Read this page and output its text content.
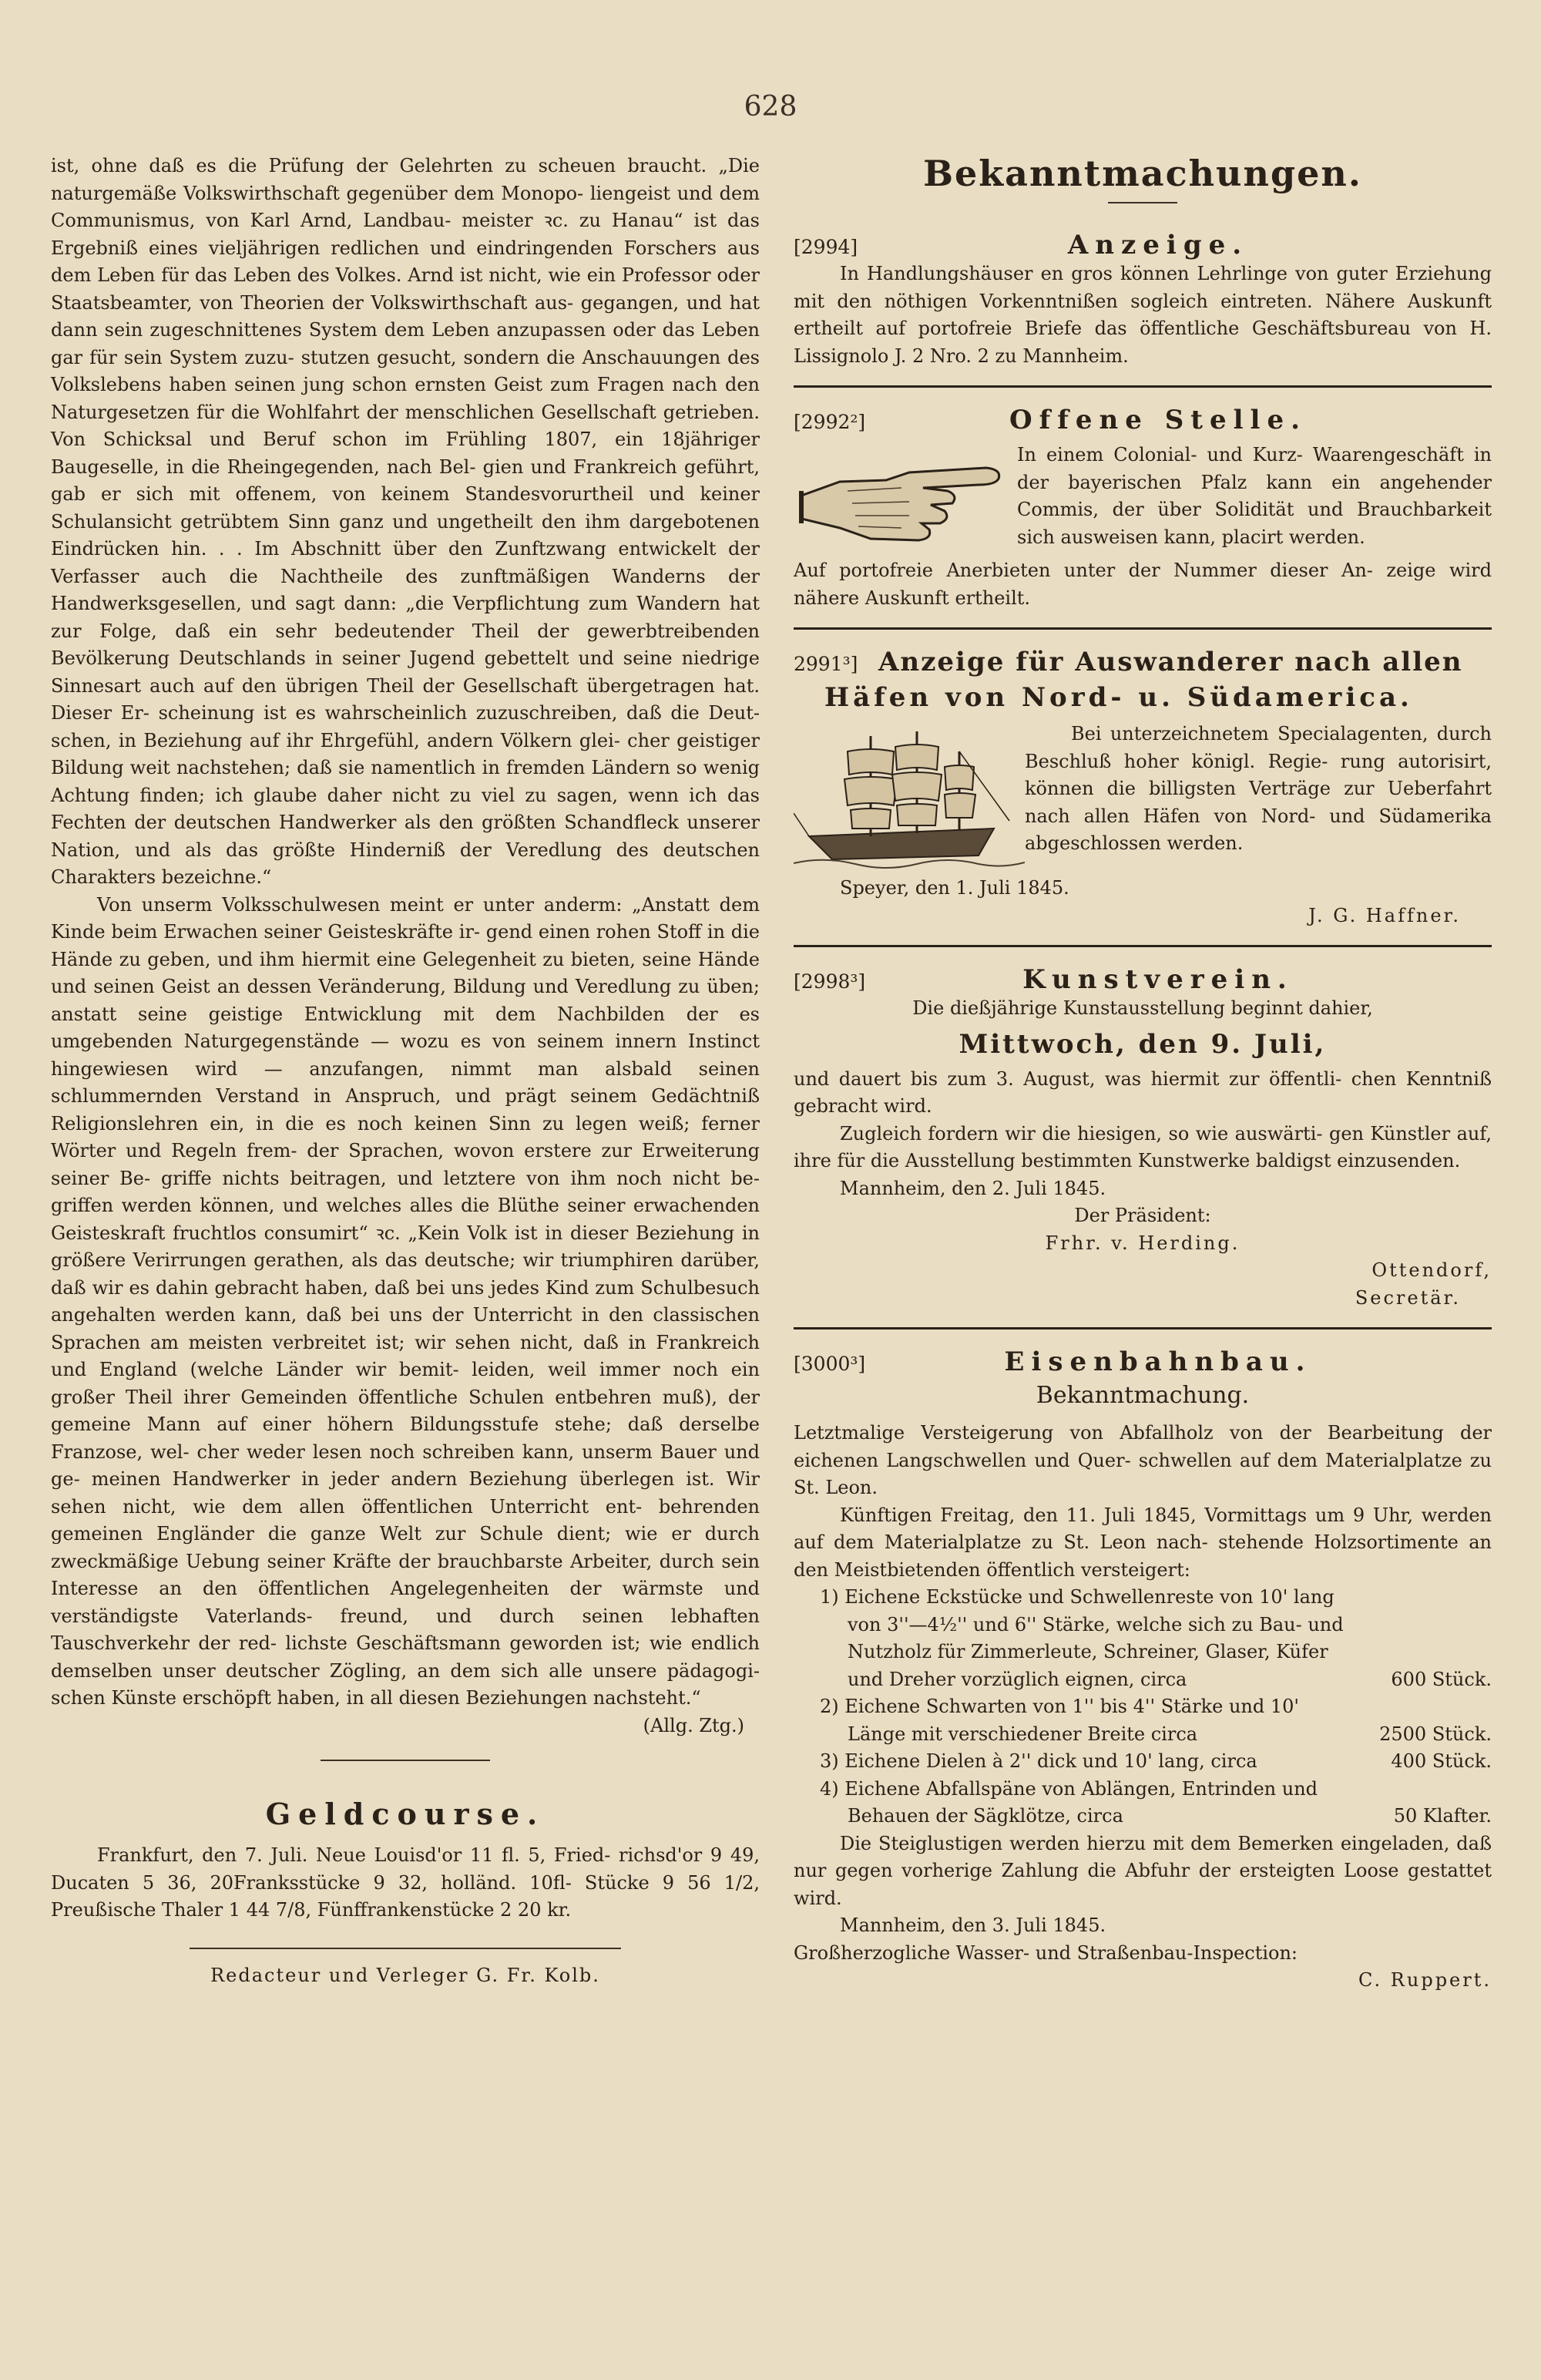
628

ist, ohne daß es die Prüfung der Gelehrten zu scheuen braucht. „Die naturgemäße Volkswirthschaft gegenüber dem Monopo- liengeist und dem Communismus, von Karl Arnd, Landbau- meister ꝛc. zu Hanau“ ist das Ergebniß eines vieljährigen redlichen und eindringenden Forschers aus dem Leben für das Leben des Volkes. Arnd ist nicht, wie ein Professor oder Staatsbeamter, von Theorien der Volkswirthschaft aus- gegangen, und hat dann sein zugeschnittenes System dem Leben anzupassen oder das Leben gar für sein System zuzu- stutzen gesucht, sondern die Anschauungen des Volkslebens haben seinen jung schon ernsten Geist zum Fragen nach den Naturgesetzen für die Wohlfahrt der menschlichen Gesellschaft getrieben. Von Schicksal und Beruf schon im Frühling 1807, ein 18jähriger Baugeselle, in die Rheingegenden, nach Bel- gien und Frankreich geführt, gab er sich mit offenem, von keinem Standesvorurtheil und keiner Schulansicht getrübtem Sinn ganz und ungetheilt den ihm dargebotenen Eindrücken hin. . . Im Abschnitt über den Zunftzwang entwickelt der Verfasser auch die Nachtheile des zunftmäßigen Wanderns der Handwerksgesellen, und sagt dann: „die Verpflichtung zum Wandern hat zur Folge, daß ein sehr bedeutender Theil der gewerbtreibenden Bevölkerung Deutschlands in seiner Jugend gebettelt und seine niedrige Sinnesart auch auf den übrigen Theil der Gesellschaft übergetragen hat. Dieser Er- scheinung ist es wahrscheinlich zuzuschreiben, daß die Deut- schen, in Beziehung auf ihr Ehrgefühl, andern Völkern glei- cher geistiger Bildung weit nachstehen; daß sie namentlich in fremden Ländern so wenig Achtung finden; ich glaube daher nicht zu viel zu sagen, wenn ich das Fechten der deutschen Handwerker als den größten Schandfleck unserer Nation, und als das größte Hinderniß der Veredlung des deutschen Charakters bezeichne.“

Von unserm Volksschulwesen meint er unter anderm: „Anstatt dem Kinde beim Erwachen seiner Geisteskräfte ir- gend einen rohen Stoff in die Hände zu geben, und ihm hiermit eine Gelegenheit zu bieten, seine Hände und seinen Geist an dessen Veränderung, Bildung und Veredlung zu üben; anstatt seine geistige Entwicklung mit dem Nachbilden der es umgebenden Naturgegenstände — wozu es von seinem innern Instinct hingewiesen wird — anzufangen, nimmt man alsbald seinen schlummernden Verstand in Anspruch, und prägt seinem Gedächtniß Religionslehren ein, in die es noch keinen Sinn zu legen weiß; ferner Wörter und Regeln frem- der Sprachen, wovon erstere zur Erweiterung seiner Be- griffe nichts beitragen, und letztere von ihm noch nicht be- griffen werden können, und welches alles die Blüthe seiner erwachenden Geisteskraft fruchtlos consumirt“ ꝛc. „Kein Volk ist in dieser Beziehung in größere Verirrungen gerathen, als das deutsche; wir triumphiren darüber, daß wir es dahin gebracht haben, daß bei uns jedes Kind zum Schulbesuch angehalten werden kann, daß bei uns der Unterricht in den classischen Sprachen am meisten verbreitet ist; wir sehen nicht, daß in Frankreich und England (welche Länder wir bemit- leiden, weil immer noch ein großer Theil ihrer Gemeinden öffentliche Schulen entbehren muß), der gemeine Mann auf einer höhern Bildungsstufe stehe; daß derselbe Franzose, wel- cher weder lesen noch schreiben kann, unserm Bauer und ge- meinen Handwerker in jeder andern Beziehung überlegen ist. Wir sehen nicht, wie dem allen öffentlichen Unterricht ent- behrenden gemeinen Engländer die ganze Welt zur Schule dient; wie er durch zweckmäßige Uebung seiner Kräfte der brauchbarste Arbeiter, durch sein Interesse an den öffentlichen Angelegenheiten der wärmste und verständigste Vaterlands- freund, und durch seinen lebhaften Tauschverkehr der red- lichste Geschäftsmann geworden ist; wie endlich demselben unser deutscher Zögling, an dem sich alle unsere pädagogi- schen Künste erschöpft haben, in all diesen Beziehungen nachsteht.“

(Allg. Ztg.)

Geldcourse.

Frankfurt, den 7. Juli. Neue Louisd'or 11 fl. 5, Fried- richsd'or 9 49, Ducaten 5 36, 20Franksstücke 9 32, holländ. 10fl- Stücke 9 56 1/2, Preußische Thaler 1 44 7/8, Fünffrankenstücke 2 20 kr.

Redacteur und Verleger G. Fr. Kolb.
Bekanntmachungen.
[2994]	Anzeige.

In Handlungshäuser en gros können Lehrlinge von guter Erziehung mit den nöthigen Vorkenntnißen sogleich eintreten. Nähere Auskunft ertheilt auf portofreie Briefe das öffentliche Geschäftsbureau von H. Lissignolo J. 2 Nro. 2 zu Mannheim.

[2992²]	Offene Stelle.

In einem Colonial- und Kurz- Waarengeschäft in der bayerischen Pfalz kann ein angehender Commis, der über Solidität und Brauchbarkeit sich ausweisen kann, placirt werden.

Auf portofreie Anerbieten unter der Nummer dieser An- zeige wird nähere Auskunft ertheilt.

2991³] Anzeige für Auswanderer nach allen
Häfen von Nord- u. Südamerica.

Bei unterzeichnetem Specialagenten, durch Beschluß hoher königl. Regie- rung autorisirt, können die billigsten Verträge zur Ueberfahrt nach allen Häfen von Nord- und Südamerika abgeschlossen werden.

Speyer, den 1. Juli 1845.

J. G. Haffner.

[2998³]	Kunstverein.

Die dießjährige Kunstausstellung beginnt dahier,

Mittwoch, den 9. Juli,

und dauert bis zum 3. August, was hiermit zur öffentli- chen Kenntniß gebracht wird.

Zugleich fordern wir die hiesigen, so wie auswärti- gen Künstler auf, ihre für die Ausstellung bestimmten Kunstwerke baldigst einzusenden.

Mannheim, den 2. Juli 1845.

Der Präsident:

Frhr. v. Herding.

Ottendorf,

Secretär.

[3000³]	Eisenbahnbau.
Bekanntmachung.

Letztmalige Versteigerung von Abfallholz von der Bearbeitung der eichenen Langschwellen und Quer- schwellen auf dem Materialplatze zu St. Leon.

Künftigen Freitag, den 11. Juli 1845, Vormittags um 9 Uhr, werden auf dem Materialplatze zu St. Leon nach- stehende Holzsortimente an den Meistbietenden öffentlich versteigert:

1) Eichene Eckstücke und Schwellenreste von 10' lang von 3''—4½'' und 6'' Stärke, welche sich zu Bau- und Nutzholz für Zimmerleute, Schreiner, Glaser, Küfer und Dreher vorzüglich eignen, circa	600 Stück.
2) Eichene Schwarten von 1'' bis 4'' Stärke und 10' Länge mit verschiedener Breite circa	2500 Stück.
3) Eichene Dielen à 2'' dick und 10' lang, circa	400 Stück.
4) Eichene Abfallspäne von Ablängen, Entrinden und Behauen der Sägklötze, circa	50 Klafter.

Die Steiglustigen werden hierzu mit dem Bemerken eingeladen, daß nur gegen vorherige Zahlung die Abfuhr der ersteigten Loose gestattet wird.

Mannheim, den 3. Juli 1845.

Großherzogliche Wasser- und Straßenbau-Inspection:

C. Ruppert.
